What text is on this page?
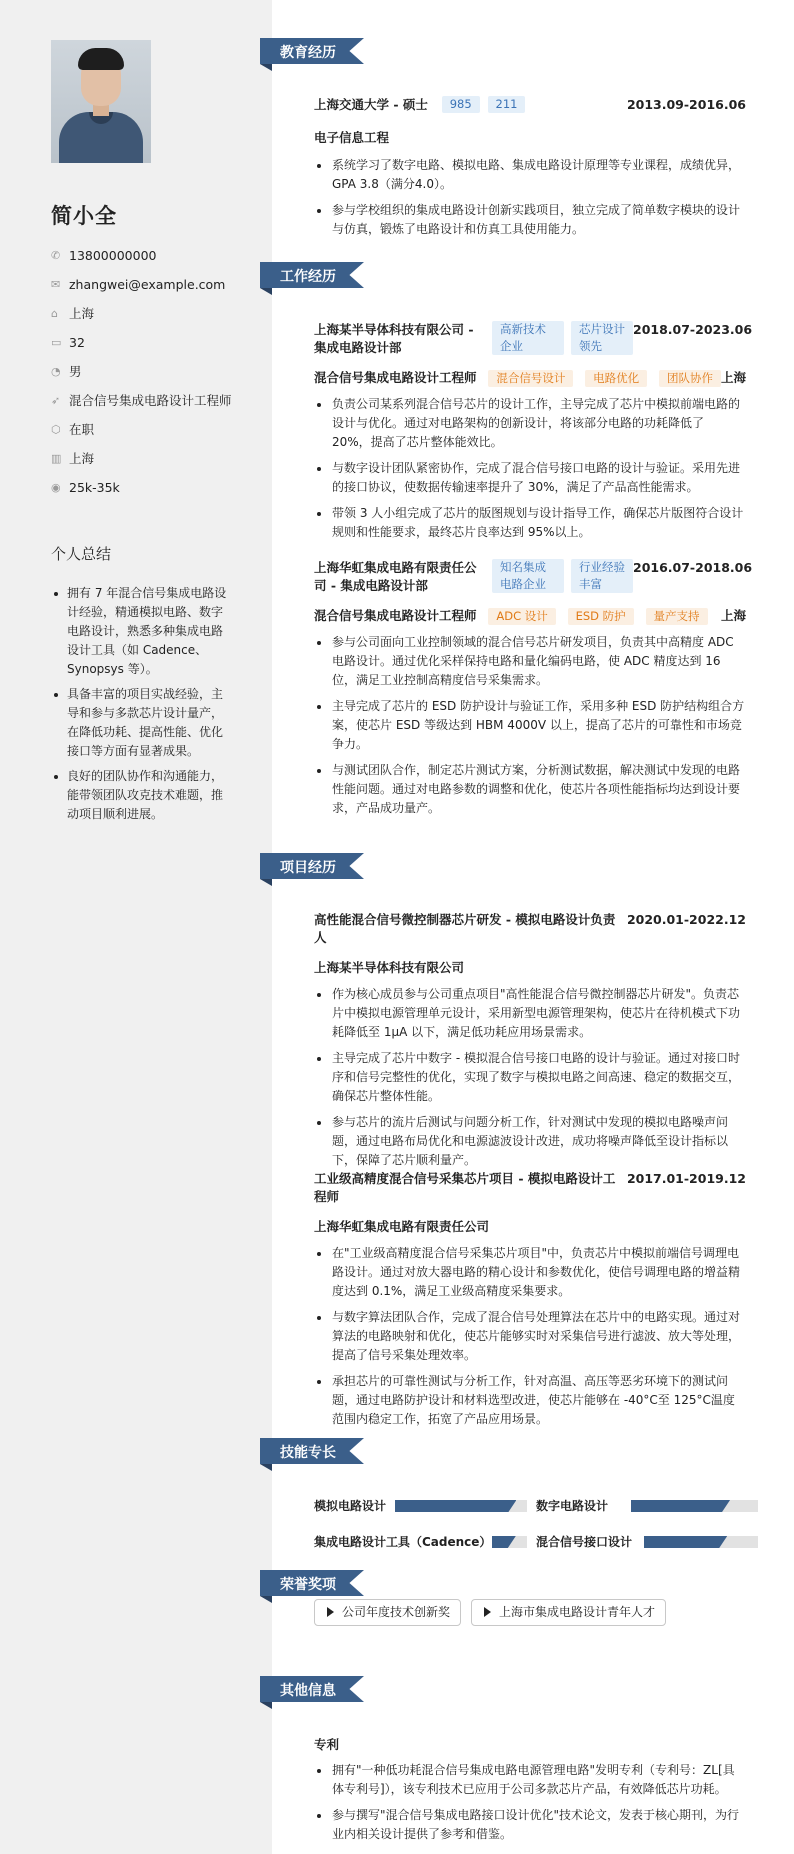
简小全
✆ 13800000000
✉ zhangwei@example.com
⌂ 上海
▭ 32
◔ 男
➶ 混合信号集成电路设计工程师
⬡ 在职
▥ 上海
◉ 25k-35k
个人总结
拥有 7 年混合信号集成电路设计经验，精通模拟电路、数字电路设计，熟悉多种集成电路设计工具（如 Cadence、Synopsys 等）。
具备丰富的项目实战经验，主导和参与多款芯片设计量产，在降低功耗、提高性能、优化接口等方面有显著成果。
良好的团队协作和沟通能力，能带领团队攻克技术难题，推动项目顺利进展。
教育经历
上海交通大学 - 硕士 985 211	2013.09-2016.06
电子信息工程
系统学习了数字电路、模拟电路、集成电路设计原理等专业课程，成绩优异，GPA 3.8（满分4.0）。
参与学校组织的集成电路设计创新实践项目，独立完成了简单数字模块的设计与仿真，锻炼了电路设计和仿真工具使用能力。
工作经历
上海某半导体科技有限公司 - 集成电路设计部
高新技术企业
芯片设计领先
2018.07-2023.06
混合信号集成电路设计工程师 混合信号设计 电路优化 团队协作 上海
负责公司某系列混合信号芯片的设计工作，主导完成了芯片中模拟前端电路的设计与优化。通过对电路架构的创新设计，将该部分电路的功耗降低了 20%，提高了芯片整体能效比。
与数字设计团队紧密协作，完成了混合信号接口电路的设计与验证。采用先进的接口协议，使数据传输速率提升了 30%，满足了产品高性能需求。
带领 3 人小组完成了芯片的版图规划与设计指导工作，确保芯片版图符合设计规则和性能要求，最终芯片良率达到 95%以上。
上海华虹集成电路有限责任公司 - 集成电路设计部
知名集成电路企业
行业经验丰富
2016.07-2018.06
混合信号集成电路设计工程师 ADC 设计 ESD 防护 量产支持	上海
参与公司面向工业控制领域的混合信号芯片研发项目，负责其中高精度 ADC 电路设计。通过优化采样保持电路和量化编码电路，使 ADC 精度达到 16 位，满足工业控制高精度信号采集需求。
主导完成了芯片的 ESD 防护设计与验证工作，采用多种 ESD 防护结构组合方案，使芯片 ESD 等级达到 HBM 4000V 以上，提高了芯片的可靠性和市场竞争力。
与测试团队合作，制定芯片测试方案，分析测试数据，解决测试中发现的电路性能问题。通过对电路参数的调整和优化，使芯片各项性能指标均达到设计要求，产品成功量产。
项目经历
高性能混合信号微控制器芯片研发 - 模拟电路设计负责人
2020.01-2022.12
上海某半导体科技有限公司
作为核心成员参与公司重点项目"高性能混合信号微控制器芯片研发"。负责芯片中模拟电源管理单元设计，采用新型电源管理架构，使芯片在待机模式下功耗降低至 1μA 以下，满足低功耗应用场景需求。
主导完成了芯片中数字 - 模拟混合信号接口电路的设计与验证。通过对接口时序和信号完整性的优化，实现了数字与模拟电路之间高速、稳定的数据交互，确保芯片整体性能。
参与芯片的流片后测试与问题分析工作，针对测试中发现的模拟电路噪声问题，通过电路布局优化和电源滤波设计改进，成功将噪声降低至设计指标以下，保障了芯片顺利量产。
工业级高精度混合信号采集芯片项目 - 模拟电路设计工程师
2017.01-2019.12
上海华虹集成电路有限责任公司
在"工业级高精度混合信号采集芯片项目"中，负责芯片中模拟前端信号调理电路设计。通过对放大器电路的精心设计和参数优化，使信号调理电路的增益精度达到 0.1%，满足工业级高精度采集要求。
与数字算法团队合作，完成了混合信号处理算法在芯片中的电路实现。通过对算法的电路映射和优化，使芯片能够实时对采集信号进行滤波、放大等处理，提高了信号采集处理效率。
承担芯片的可靠性测试与分析工作，针对高温、高压等恶劣环境下的测试问题，通过电路防护设计和材料选型改进，使芯片能够在 -40°C至 125°C温度范围内稳定工作，拓宽了产品应用场景。
技能专长
模拟电路设计	数字电路设计
集成电路设计工具（Cadence）	混合信号接口设计
荣誉奖项
公司年度技术创新奖	上海市集成电路设计青年人才
其他信息
专利
拥有"一种低功耗混合信号集成电路电源管理电路"发明专利（专利号：ZL[具体专利号]），该专利技术已应用于公司多款芯片产品，有效降低芯片功耗。
参与撰写"混合信号集成电路接口设计优化"技术论文，发表于核心期刊，为行业内相关设计提供了参考和借鉴。
